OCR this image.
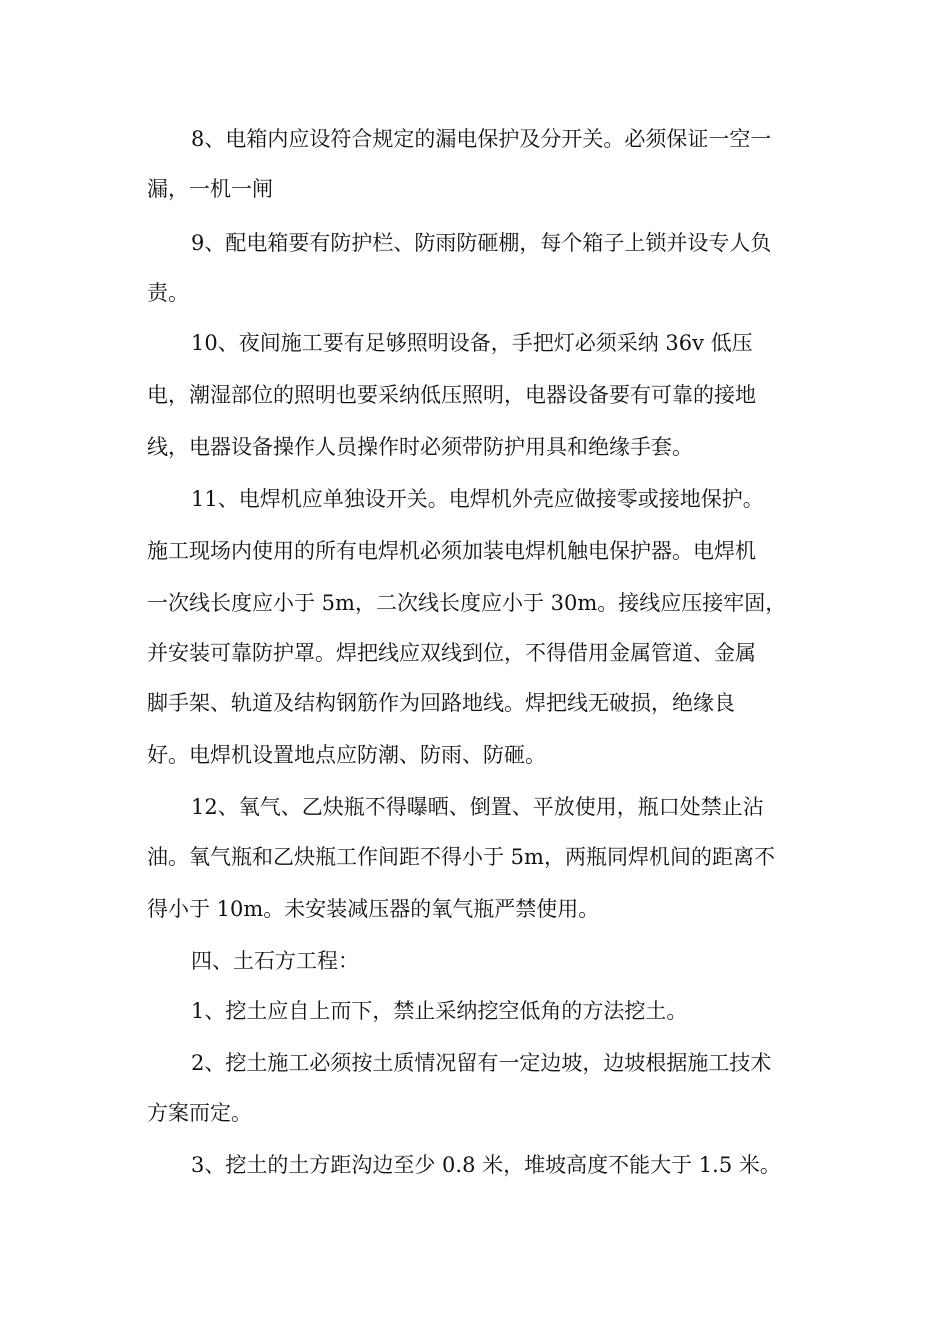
8、电箱内应设符合规定的漏电保护及分开关。必须保证一空一
漏，一机一闸
9、配电箱要有防护栏、防雨防砸棚，每个箱子上锁并设专人负
责。
10、夜间施工要有足够照明设备，手把灯必须采纳 36v 低压
电，潮湿部位的照明也要采纳低压照明，电器设备要有可靠的接地
线，电器设备操作人员操作时必须带防护用具和绝缘手套。
11、电焊机应单独设开关。电焊机外壳应做接零或接地保护。
施工现场内使用的所有电焊机必须加装电焊机触电保护器。电焊机
一次线长度应小于 5m，二次线长度应小于 30m。接线应压接牢固，
并安装可靠防护罩。焊把线应双线到位，不得借用金属管道、金属
脚手架、轨道及结构钢筋作为回路地线。焊把线无破损，绝缘良
好。电焊机设置地点应防潮、防雨、防砸。
12、氧气、乙炔瓶不得曝晒、倒置、平放使用，瓶口处禁止沾
油。氧气瓶和乙炔瓶工作间距不得小于 5m，两瓶同焊机间的距离不
得小于 10m。未安装减压器的氧气瓶严禁使用。
四、土石方工程：
1、挖土应自上而下，禁止采纳挖空低角的方法挖土。
2、挖土施工必须按土质情况留有一定边坡，边坡根据施工技术
方案而定。
3、挖土的土方距沟边至少 0.8 米，堆坡高度不能大于 1.5 米。
